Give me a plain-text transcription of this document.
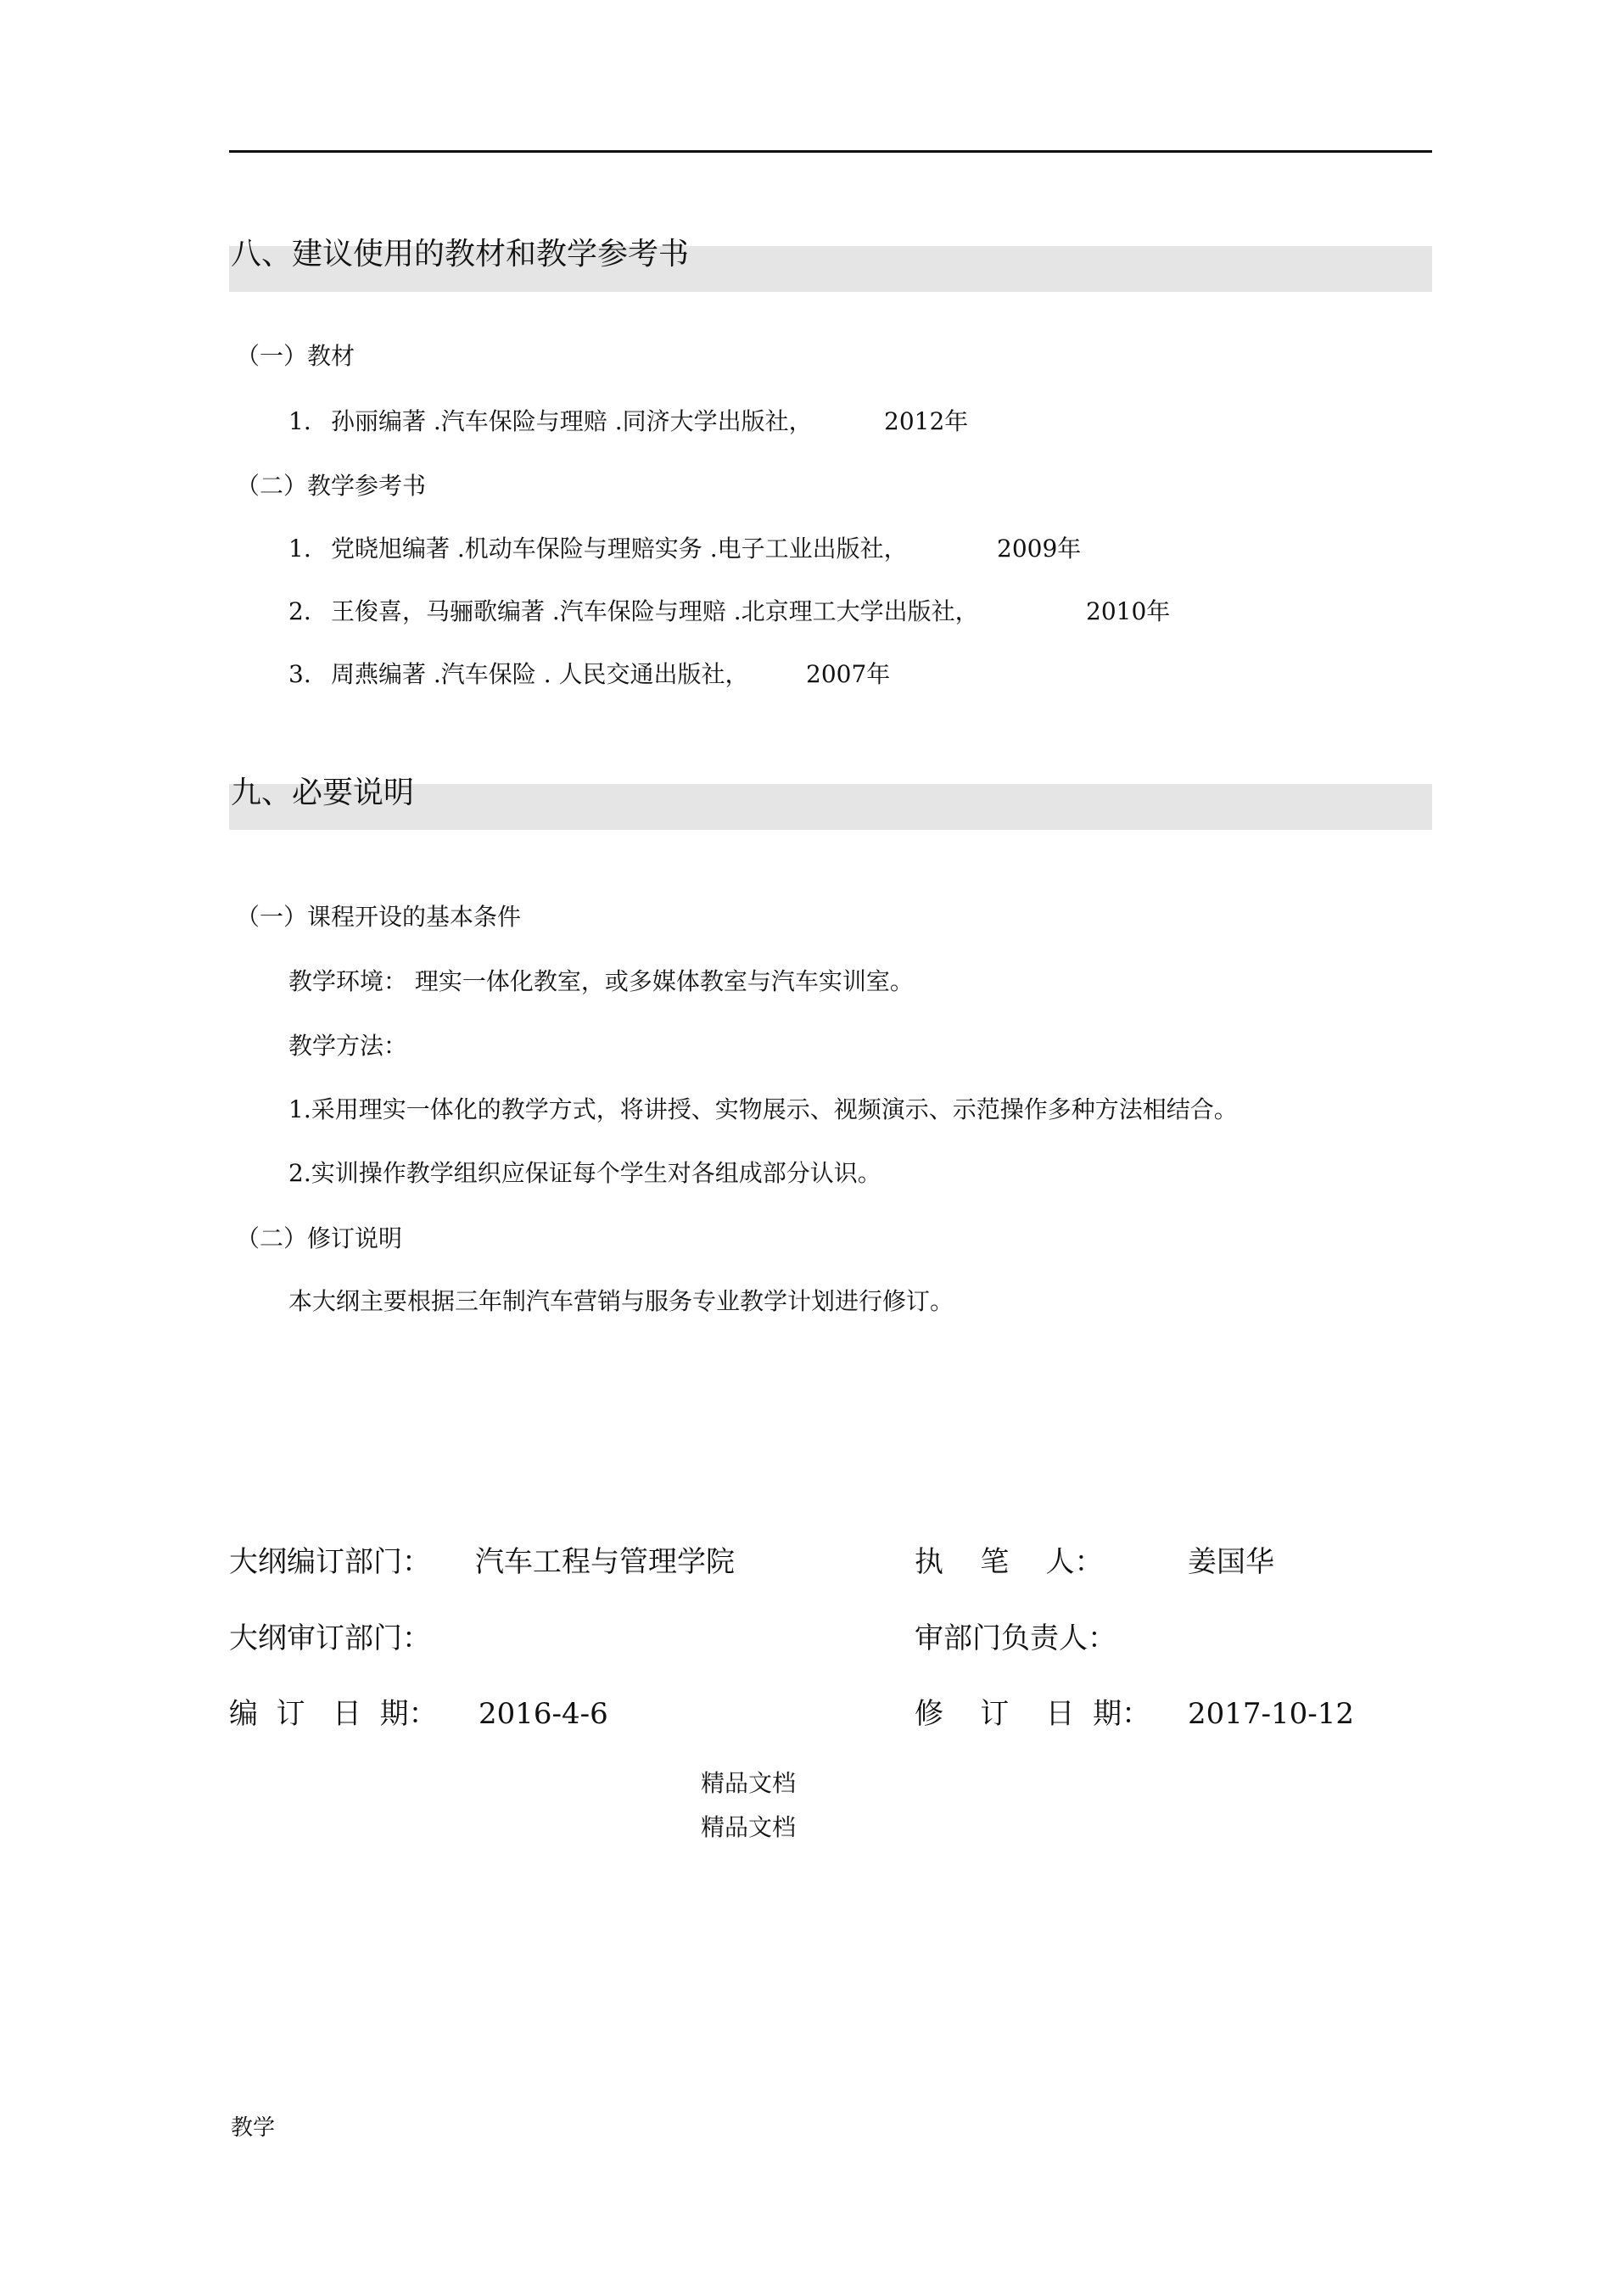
八、建议使用的教材和教学参考书
（一）教材
1. 孙丽编著 .汽车保险与理赔 .同济大学出版社，	2012年
（二）教学参考书
1. 党晓旭编著 .机动车保险与理赔实务 .电子工业出版社，	2009年
2. 王俊喜，马骊歌编著 .汽车保险与理赔 .北京理工大学出版社，	2010年
3. 周燕编著 .汽车保险 . 人民交通出版社， 2007年
九、必要说明
（一）课程开设的基本条件
教学环境： 理实一体化教室，或多媒体教室与汽车实训室。
教学方法：
1.采用理实一体化的教学方式，将讲授、实物展示、视频演示、示范操作多种方法相结合。
2.实训操作教学组织应保证每个学生对各组成部分认识。
（二）修订说明
本大纲主要根据三年制汽车营销与服务专业教学计划进行修订。
大纲编订部门： 汽车工程与管理学院	执    笔    人：	姜国华
大纲审订部门：	审部门负责人：
编  订   日  期： 2016-4-6	修    订    日  期： 2017-10-12
精品文档
精品文档
教学
